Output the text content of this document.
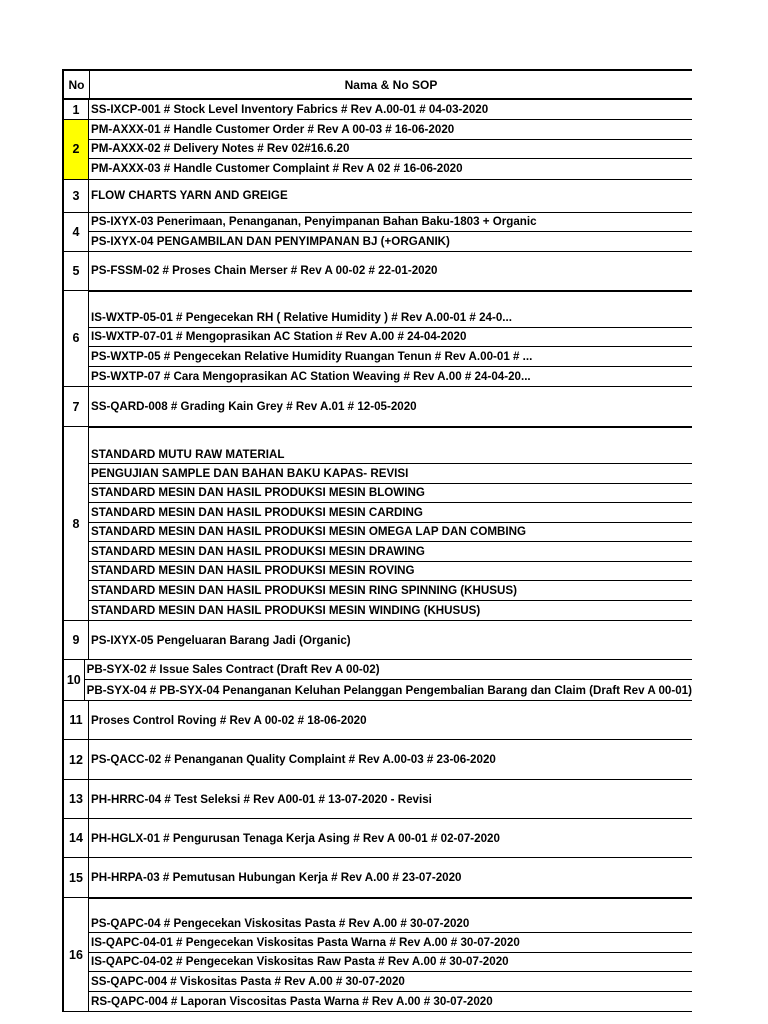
No	Nama & No SOP
1 SS-IXCP-001 # Stock Level Inventory Fabrics # Rev A.00-01 # 04-03-2020
2
PM-AXXX-01 # Handle Customer Order # Rev A 00-03 # 16-06-2020
PM-AXXX-02 # Delivery Notes # Rev 02#16.6.20
PM-AXXX-03 # Handle Customer Complaint # Rev A 02 # 16-06-2020
3 FLOW CHARTS YARN AND GREIGE
4
PS-IXYX-03 Penerimaan, Penanganan, Penyimpanan Bahan Baku-1803 + Organic
PS-IXYX-04 PENGAMBILAN DAN PENYIMPANAN BJ (+ORGANIK)
5 PS-FSSM-02 # Proses Chain Merser # Rev A 00-02 # 22-01-2020
6
IS-WXTP-05-01 # Pengecekan RH ( Relative Humidity ) # Rev A.00-01 # 24-0...
IS-WXTP-07-01 # Mengoprasikan AC Station # Rev A.00 # 24-04-2020
PS-WXTP-05 # Pengecekan Relative Humidity Ruangan Tenun # Rev A.00-01 # ...
PS-WXTP-07 # Cara Mengoprasikan AC Station Weaving # Rev A.00 # 24-04-20...
7 SS-QARD-008 # Grading Kain Grey # Rev A.01 # 12-05-2020
8
STANDARD MUTU RAW MATERIAL
PENGUJIAN SAMPLE DAN BAHAN BAKU KAPAS- REVISI
STANDARD MESIN DAN HASIL PRODUKSI MESIN BLOWING
STANDARD MESIN DAN HASIL PRODUKSI MESIN CARDING
STANDARD MESIN DAN HASIL PRODUKSI MESIN OMEGA LAP DAN COMBING
STANDARD MESIN DAN HASIL PRODUKSI MESIN DRAWING
STANDARD MESIN DAN HASIL PRODUKSI MESIN ROVING
STANDARD MESIN DAN HASIL PRODUKSI MESIN RING SPINNING (KHUSUS)
STANDARD MESIN DAN HASIL PRODUKSI MESIN WINDING (KHUSUS)
9 PS-IXYX-05 Pengeluaran Barang Jadi (Organic)
10
PB-SYX-02 # Issue Sales Contract (Draft Rev A 00-02)
PB-SYX-04 # PB-SYX-04 Penanganan Keluhan Pelanggan Pengembalian Barang dan Claim (Draft Rev A 00-01)
11 Proses Control Roving # Rev A 00-02 # 18-06-2020
12 PS-QACC-02 # Penanganan Quality Complaint # Rev A.00-03 # 23-06-2020
13 PH-HRRC-04 # Test Seleksi # Rev A00-01 # 13-07-2020 - Revisi
14 PH-HGLX-01 # Pengurusan Tenaga Kerja Asing # Rev A 00-01 # 02-07-2020
15 PH-HRPA-03 # Pemutusan Hubungan Kerja # Rev A.00 # 23-07-2020
16
PS-QAPC-04 # Pengecekan Viskositas Pasta # Rev A.00 # 30-07-2020
IS-QAPC-04-01 # Pengecekan Viskositas Pasta Warna # Rev A.00 # 30-07-2020
IS-QAPC-04-02 # Pengecekan Viskositas Raw Pasta # Rev A.00 # 30-07-2020
SS-QAPC-004 # Viskositas Pasta # Rev A.00 # 30-07-2020
RS-QAPC-004 # Laporan Viscositas Pasta Warna # Rev A.00 # 30-07-2020
